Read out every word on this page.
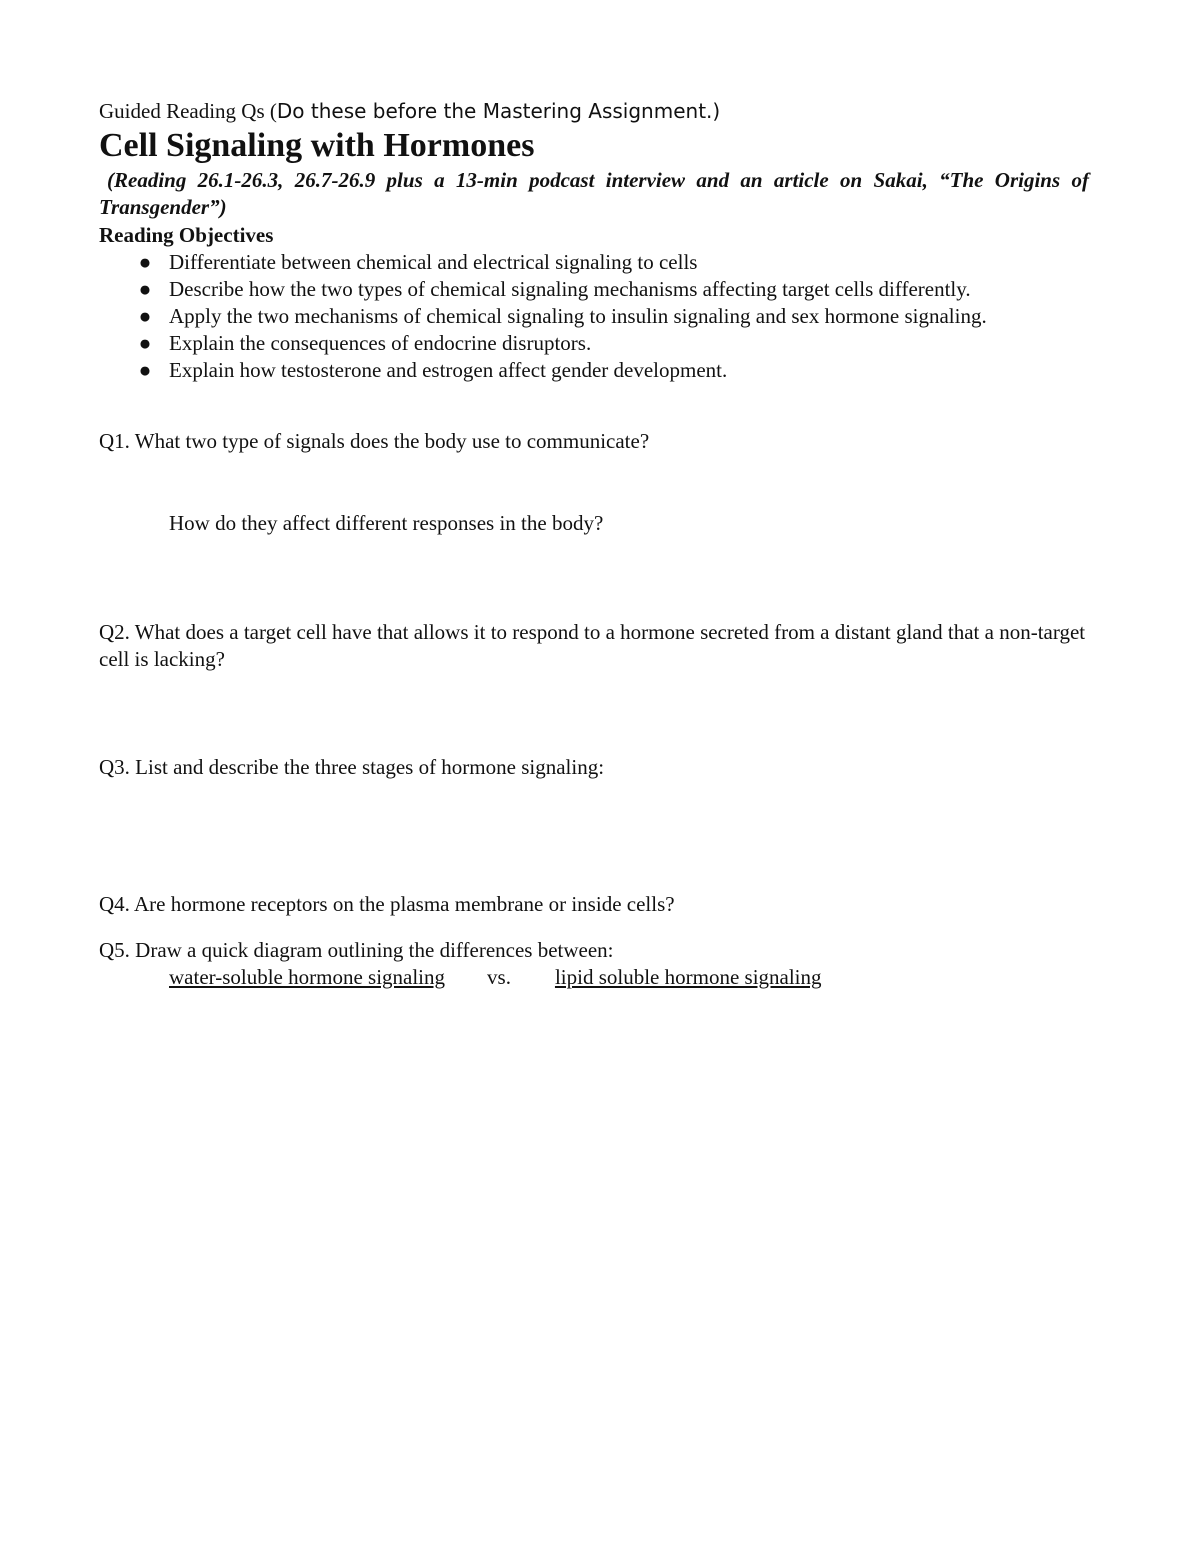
Guided Reading Qs (Do these before the Mastering Assignment.)
Cell Signaling with Hormones
(Reading 26.1-26.3, 26.7-26.9 plus a 13-min podcast interview and an article on Sakai, “The Origins of Transgender”)
Reading Objectives
● Differentiate between chemical and electrical signaling to cells
● Describe how the two types of chemical signaling mechanisms affecting target cells differently.
● Apply the two mechanisms of chemical signaling to insulin signaling and sex hormone signaling.
● Explain the consequences of endocrine disruptors.
● Explain how testosterone and estrogen affect gender development.
Q1. What two type of signals does the body use to communicate?
How do they affect different responses in the body?
Q2. What does a target cell have that allows it to respond to a hormone secreted from a distant gland that a non-target cell is lacking?
Q3. List and describe the three stages of hormone signaling:
Q4. Are hormone receptors on the plasma membrane or inside cells?
Q5. Draw a quick diagram outlining the differences between:
water-soluble hormone signaling vs. lipid soluble hormone signaling
